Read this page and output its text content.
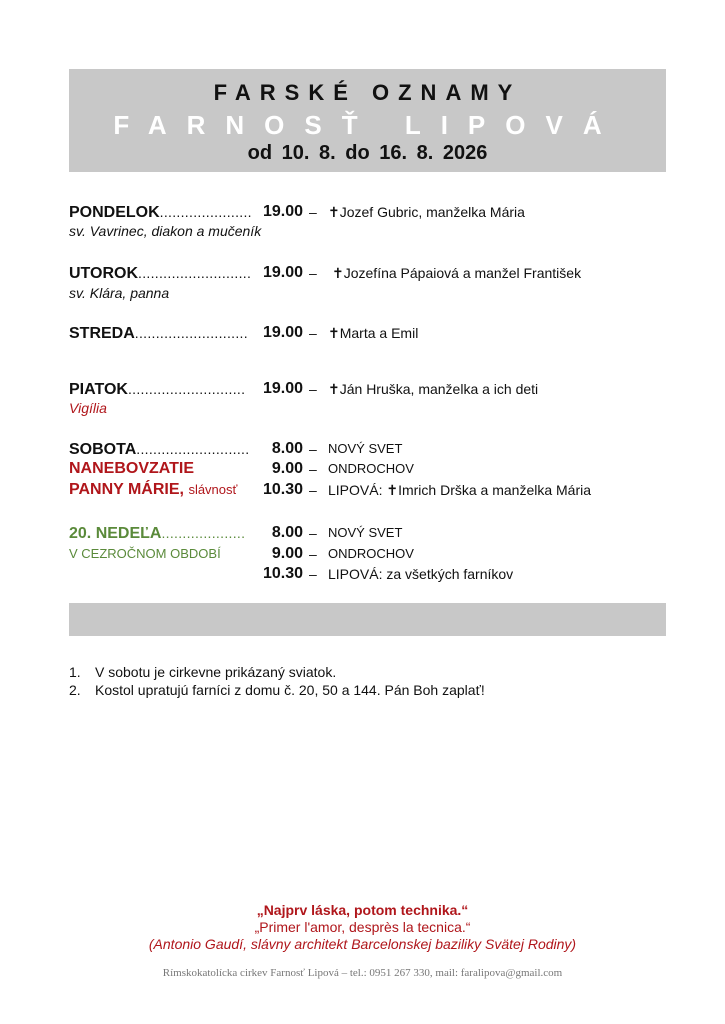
FARSKÉ OZNAMY
FARNOSŤ LIPOVÁ
od 10. 8. do 16. 8. 2026
PONDELOK...................... 19.00 – ✝Jozef Gubric, manželka Mária
sv. Vavrinec, diakon a mučeník
UTOROK........................... 19.00 – ✝Jozefína Pápaiová a manžel František
sv. Klára, panna
STREDA........................... 19.00 – ✝Marta a Emil
PIATOK............................ 19.00 – ✝Ján Hruška, manželka a ich deti
Vigília
SOBOTA........................... 8.00 – NOVÝ SVET
NANEBOVZATIE	9.00 – ONDROCHOV
PANNY MÁRIE, slávnosť 10.30 – LIPOVÁ: ✝Imrich Drška a manželka Mária
20. NEDEĽA.................... 8.00 – NOVÝ SVET
V CEZROČNOM OBDOBÍ	9.00 – ONDROCHOV
10.30 – LIPOVÁ: za všetkých farníkov
1. V sobotu je cirkevne prikázaný sviatok.
2. Kostol upratujú farníci z domu č. 20, 50 a 144. Pán Boh zaplať!
„Najprv láska, potom technika.“
„Primer l'amor, desprès la tecnica.“
(Antonio Gaudí, slávny architekt Barcelonskej baziliky Svätej Rodiny)
Rímskokatolícka cirkev Farnosť Lipová – tel.: 0951 267 330, mail: faralipova@gmail.com
